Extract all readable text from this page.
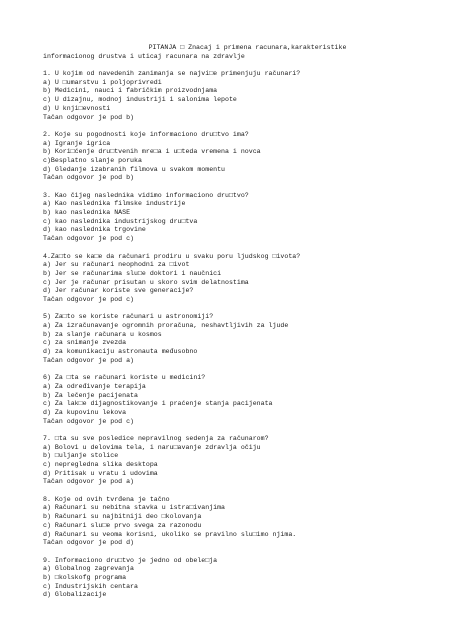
PITANJA □ Znacaj i primena racunara,karakteristike
informacionog drustva i uticaj racunara na zdravlje
1. U kojim od navedenih zanimanja se najvi□e primenjuju računari?
a) U □umarstvu i poljoprivredi
b) Medicini, nauci i fabričkim proizvodnjama
c) U dizajnu, modnoj industriji i salonima lepote
d) U knji□evnosti
Tačan odgovor je pod b)
2. Koje su pogodnosti koje informaciono dru□tvo ima?
a) Igranje igrica
b) Kori□ćenje dru□tvenih mre□a i u□teda vremena i novca
c)Besplatno slanje poruka
d) Gledanje izabranih filmova u svakom momentu
Tačan odgovor je pod b)
3. Kao čijeg naslednika vidimo informaciono dru□tvo?
a) Kao naslednika filmske industrije
b) kao naslednika NASE
c) kao naslednika industrijskog dru□tva
d) kao naslednika trgovine
Tačan odgovor je pod c)
4.Za□to se ka□e da računari prodiru u svaku poru ljudskog □ivota?
a) Jer su računari neophodni za □ivot
b) Jer se računarima slu□e doktori i naučnici
c) Jer je računar prisutan u skoro svim delatnostima
d) Jer računar koriste sve generacije?
Tačan odgovor je pod c)
5) Za□to se koriste računari u astronomiji?
a) Za izračunavanje ogromnih proračuna, neshavtljivih za ljude
b) za slanje računara u kosmos
c) za snimanje zvezda
d) za komunikaciju astronauta međusobno
Tačan odgovor je pod a)
6) Za □ta se računari koriste u medicini?
a) Za određivanje terapija
b) Za lečenje pacijenata
c) Za lak□e dijagnostikovanje i praćenje stanja pacijenata
d) Za kupovinu lekova
Tačan odgovor je pod c)
7. □ta su sve posledice nepravilnog sedenja za računarom?
a) Bolovi u delovima tela, i naru□avanje zdravlja očiju
b) □uljanje stolice
c) nepregledna slika desktopa
d) Pritisak u vratu i udovima
Tačan odgovor je pod a)
8. Koje od ovih tvrđena je tačno
a) Računari su nebitna stavka u istra□ivanjima
b) Računari su najbitniji deo □kolovanja
c) Računari slu□e prvo svega za razonodu
d) Računari su veoma korisni, ukoliko se pravilno slu□imo njima.
Tačan odgovor je pod d)
9. Informaciono dru□tvo je jedno od obele□ja
a) Globalnog zagrevanja
b) □kolskofg programa
c) Industrijskih centara
d) Globalizacije
